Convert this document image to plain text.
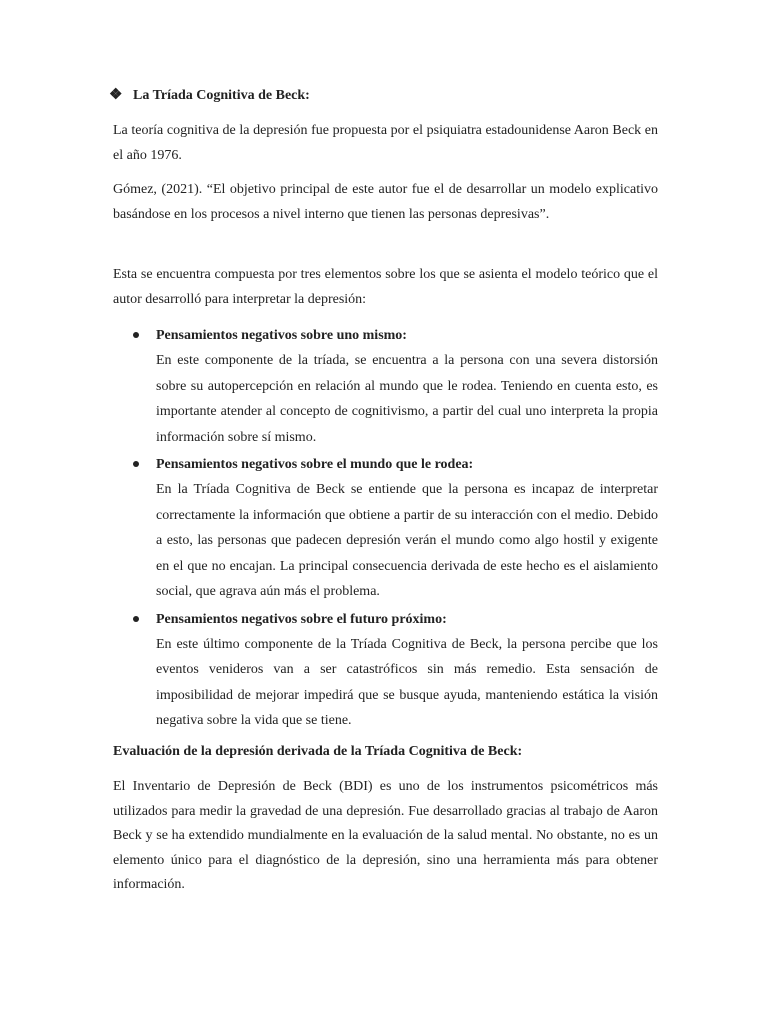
❖ La Tríada Cognitiva de Beck:

La teoría cognitiva de la depresión fue propuesta por el psiquiatra estadounidense Aaron Beck en el año 1976.

Gómez, (2021). “El objetivo principal de este autor fue el de desarrollar un modelo explicativo basándose en los procesos a nivel interno que tienen las personas depresivas”.

Esta se encuentra compuesta por tres elementos sobre los que se asienta el modelo teórico que el autor desarrolló para interpretar la depresión:

Pensamientos negativos sobre uno mismo:
En este componente de la tríada, se encuentra a la persona con una severa distorsión sobre su autopercepción en relación al mundo que le rodea. Teniendo en cuenta esto, es importante atender al concepto de cognitivismo, a partir del cual uno interpreta la propia información sobre sí mismo.
Pensamientos negativos sobre el mundo que le rodea:
En la Tríada Cognitiva de Beck se entiende que la persona es incapaz de interpretar correctamente la información que obtiene a partir de su interacción con el medio. Debido a esto, las personas que padecen depresión verán el mundo como algo hostil y exigente en el que no encajan. La principal consecuencia derivada de este hecho es el aislamiento social, que agrava aún más el problema.
Pensamientos negativos sobre el futuro próximo:
En este último componente de la Tríada Cognitiva de Beck, la persona percibe que los eventos venideros van a ser catastróficos sin más remedio. Esta sensación de imposibilidad de mejorar impedirá que se busque ayuda, manteniendo estática la visión negativa sobre la vida que se tiene.
Evaluación de la depresión derivada de la Tríada Cognitiva de Beck:

El Inventario de Depresión de Beck (BDI) es uno de los instrumentos psicométricos más utilizados para medir la gravedad de una depresión. Fue desarrollado gracias al trabajo de Aaron Beck y se ha extendido mundialmente en la evaluación de la salud mental. No obstante, no es un elemento único para el diagnóstico de la depresión, sino una herramienta más para obtener información.
